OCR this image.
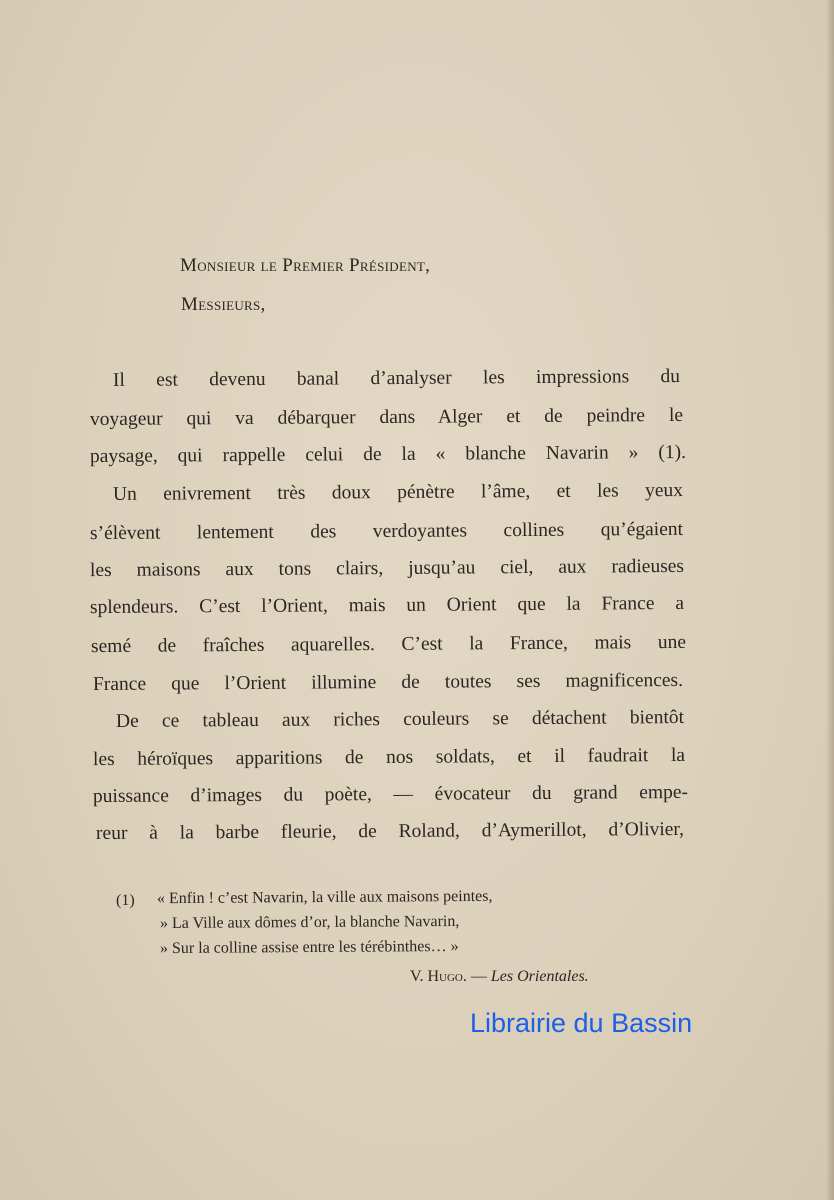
Monsieur le Premier Président,
Messieurs,
Il est devenu banal d’analyser les impressions du
voyageur qui va débarquer dans Alger et de peindre le
paysage, qui rappelle celui de la « blanche Navarin » (1).
Un enivrement très doux pénètre l’âme, et les yeux
s’élèvent lentement des verdoyantes collines qu’égaient
les maisons aux tons clairs, jusqu’au ciel, aux radieuses
splendeurs. C’est l’Orient, mais un Orient que la France a
semé de fraîches aquarelles. C’est la France, mais une
France que l’Orient illumine de toutes ses magnificences.
De ce tableau aux riches couleurs se détachent bientôt
les héroïques apparitions de nos soldats, et il faudrait la
puissance d’images du poète, — évocateur du grand empe-
reur à la barbe fleurie, de Roland, d’Aymerillot, d’Olivier,
(1) « Enfin ! c’est Navarin, la ville aux maisons peintes,
» La Ville aux dômes d’or, la blanche Navarin,
» Sur la colline assise entre les térébinthes… »
V. Hugo. — Les Orientales.
Librairie du Bassin
